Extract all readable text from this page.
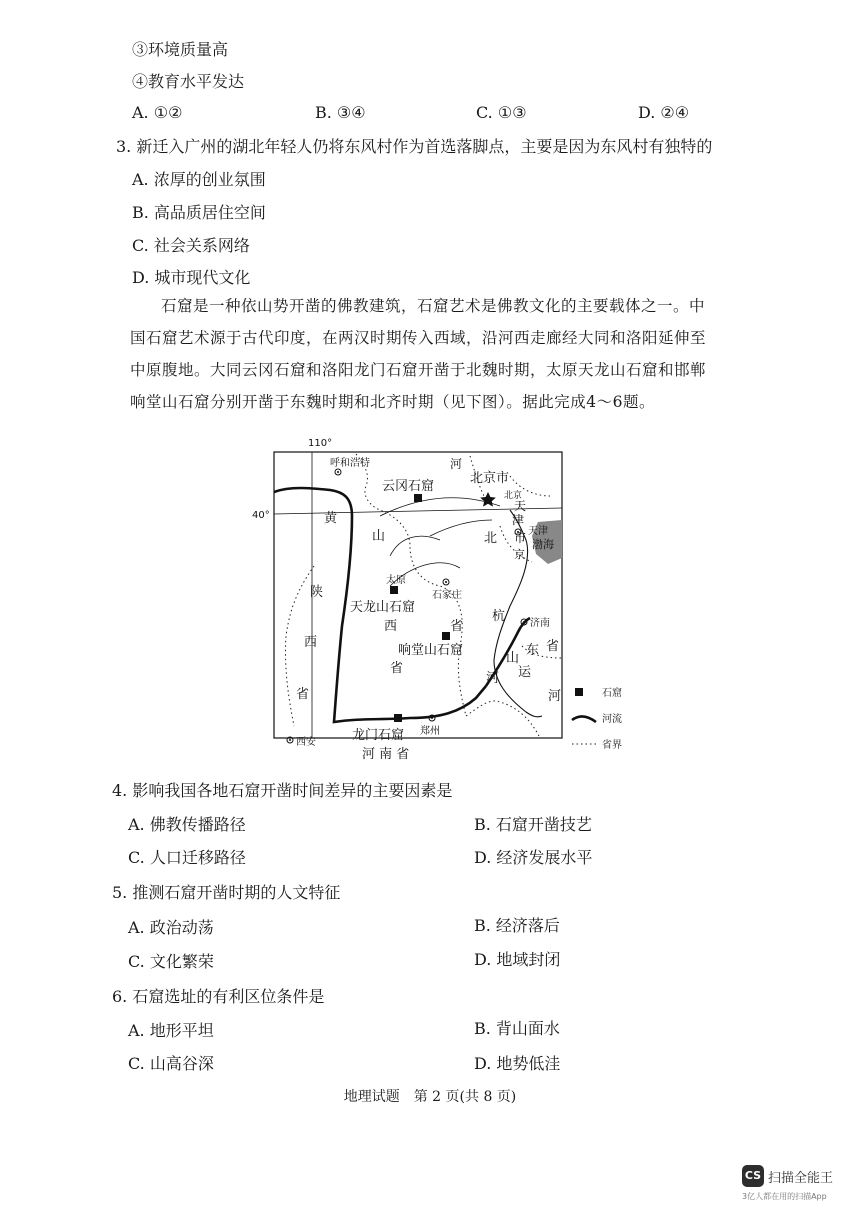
③环境质量高
④教育水平发达
A. ①②	B. ③④	C. ①③	D. ②④
3. 新迁入广州的湖北年轻人仍将东风村作为首选落脚点，主要是因为东风村有独特的
A. 浓厚的创业氛围
B. 高品质居住空间
C. 社会关系网络
D. 城市现代文化
石窟是一种依山势开凿的佛教建筑，石窟艺术是佛教文化的主要载体之一。中国石窟艺术源于古代印度，在两汉时期传入西域，沿河西走廊经大同和洛阳延伸至中原腹地。大同云冈石窟和洛阳龙门石窟开凿于北魏时期，太原天龙山石窟和邯郸响堂山石窟分别开凿于东魏时期和北齐时期（见下图）。据此完成4～6题。
110°
40°
石窟
河流
省界
呼和浩特	河
北京市
云冈石窟
北京
天
津
天津
市 渤海
京
黄
山	北
陕
西
省
太原
天龙山石窟
西
省
石家庄
杭 济南
省
响堂山石窟	东 省
山
河 运
河
龙门石窟 郑州
西安
河 南 省
4. 影响我国各地石窟开凿时间差异的主要因素是
A. 佛教传播路径	B. 石窟开凿技艺
C. 人口迁移路径	D. 经济发展水平
5. 推测石窟开凿时期的人文特征
A. 政治动荡	B. 经济落后
C. 文化繁荣	D. 地域封闭
6. 石窟选址的有利区位条件是
A. 地形平坦	B. 背山面水
C. 山高谷深	D. 地势低洼
地理试题　第 2 页(共 8 页)
CS 扫描全能王
3亿人都在用的扫描App
